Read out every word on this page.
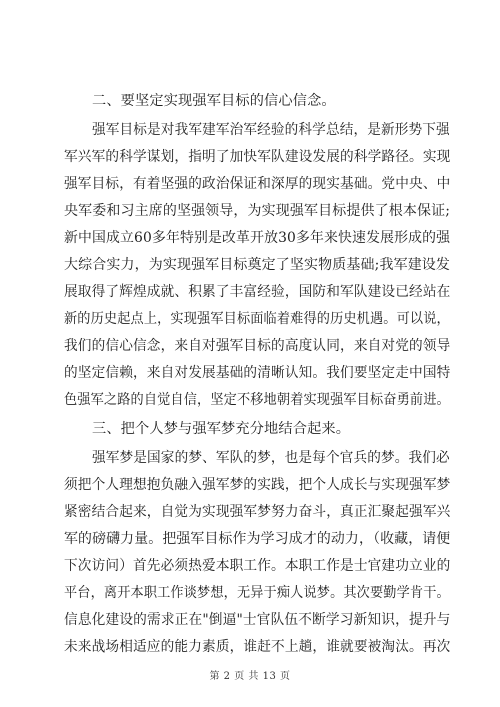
二、要坚定实现强军目标的信心信念。
强军目标是对我军建军治军经验的科学总结，是新形势下强
军兴军的科学谋划，指明了加快军队建设发展的科学路径。实现
强军目标，有着坚强的政治保证和深厚的现实基础。党中央、中
央军委和习主席的坚强领导，为实现强军目标提供了根本保证;
新中国成立60多年特别是改革开放30多年来快速发展形成的强
大综合实力，为实现强军目标奠定了坚实物质基础;我军建设发
展取得了辉煌成就、积累了丰富经验，国防和军队建设已经站在
新的历史起点上，实现强军目标面临着难得的历史机遇。可以说，
我们的信心信念，来自对强军目标的高度认同，来自对党的领导
的坚定信赖，来自对发展基础的清晰认知。我们要坚定走中国特
色强军之路的自觉自信，坚定不移地朝着实现强军目标奋勇前进。
三、把个人梦与强军梦充分地结合起来。
强军梦是国家的梦、军队的梦，也是每个官兵的梦。我们必
须把个人理想抱负融入强军梦的实践，把个人成长与实现强军梦
紧密结合起来，自觉为实现强军梦努力奋斗，真正汇聚起强军兴
军的磅礴力量。把强军目标作为学习成才的动力，（收藏，请便
下次访问）首先必须热爱本职工作。本职工作是士官建功立业的
平台，离开本职工作谈梦想，无异于痴人说梦。其次要勤学肯干。
信息化建设的需求正在"倒逼"士官队伍不断学习新知识，提升与
未来战场相适应的能力素质，谁赶不上趟，谁就要被淘汰。再次
第 2 页 共 13 页
